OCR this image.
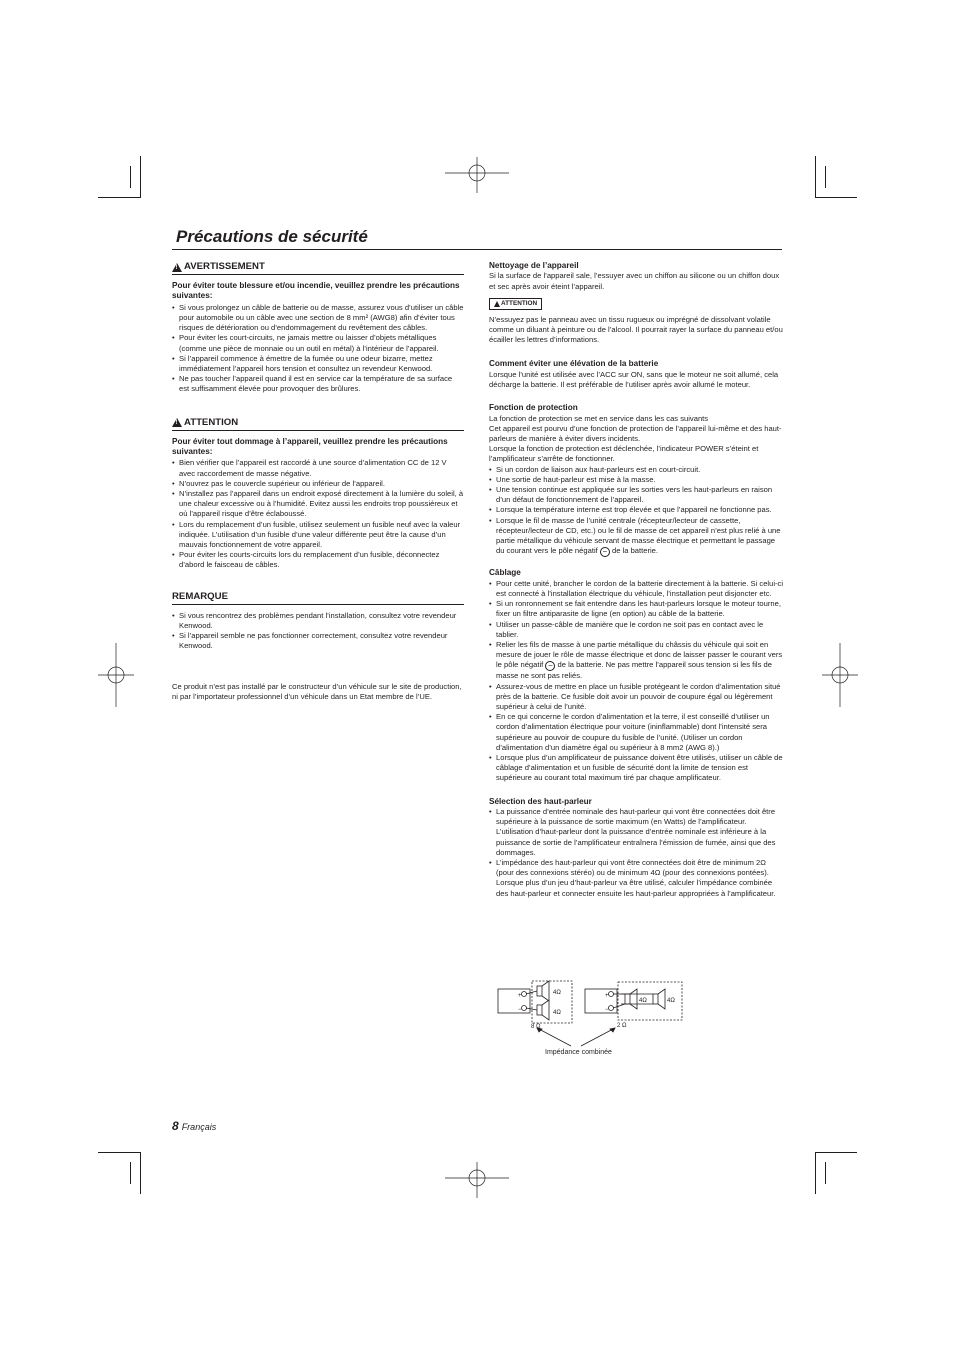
Précautions de sécurité
!
AVERTISSEMENT

Pour éviter toute blessure et/ou incendie, veuillez prendre les précautions suivantes:

• Si vous prolongez un câble de batterie ou de masse, assurez vous d’utiliser un câble pour automobile ou un câble avec une section de 8 mm² (AWG8) afin d’éviter tous risques de détérioration ou d’endommagement du revêtement des câbles.
• Pour éviter les court-circuits, ne jamais mettre ou laisser d’objets métalliques (comme une pièce de monnaie ou un outil en métal) à l’intérieur de l’appareil.
• Si l’appareil commence à émettre de la fumée ou une odeur bizarre, mettez immédiatement l’appareil hors tension et consultez un revendeur Kenwood.
• Ne pas toucher l’appareil quand il est en service car la température de sa surface est suffisamment élevée pour provoquer des brûlures.
!
ATTENTION

Pour éviter tout dommage à l’appareil, veuillez prendre les précautions suivantes:

• Bien vérifier que l’appareil est raccordé à une source d’alimentation CC de 12 V avec raccordement de masse négative.
• N’ouvrez pas le couvercle supérieur ou inférieur de l’appareil.
• N’installez pas l’appareil dans un endroit exposé directement à la lumière du soleil, à une chaleur excessive ou à l’humidité. Evitez aussi les endroits trop poussiéreux et où l’appareil risque d’être éclaboussé.
• Lors du remplacement d’un fusible, utilisez seulement un fusible neuf avec la valeur indiquée. L’utilisation d’un fusible d’une valeur différente peut être la cause d’un mauvais fonctionnement de votre appareil.
• Pour éviter les courts-circuits lors du remplacement d’un fusible, déconnectez d’abord le faisceau de câbles.
REMARQUE
• Si vous rencontrez des problèmes pendant l’installation, consultez votre revendeur Kenwood.
• Si l’appareil semble ne pas fonctionner correctement, consultez votre revendeur Kenwood.

Ce produit n’est pas installé par le constructeur d’un véhicule sur le site de production, ni par l’importateur professionnel d’un véhicule dans un Etat membre de l’UE.

Nettoyage de l’appareil

Si la surface de l’appareil sale, l’essuyer avec un chiffon au silicone ou un chiffon doux et sec après avoir éteint l’appareil.

ATTENTION

N’essuyez pas le panneau avec un tissu rugueux ou imprégné de dissolvant volatile comme un diluant à peinture ou de l’alcool. Il pourrait rayer la surface du panneau et/ou écailler les lettres d’informations.

Comment éviter une élévation de la batterie

Lorsque l’unité est utilisée avec l’ACC sur ON, sans que le moteur ne soit allumé, cela décharge la batterie. Il est préférable de l’utiliser après avoir allumé le moteur.

Fonction de protection

La fonction de protection se met en service dans les cas suivants

Cet appareil est pourvu d’une fonction de protection de l’appareil lui-même et des haut-parleurs de manière à éviter divers incidents.

Lorsque la fonction de protection est déclenchée, l’indicateur POWER s’éteint et l’amplificateur s’arrête de fonctionner.

• Si un cordon de liaison aux haut-parleurs est en court-circuit.
• Une sortie de haut-parleur est mise à la masse.
• Une tension continue est appliquée sur les sorties vers les haut-parleurs en raison d’un défaut de fonctionnement de l’appareil.
• Lorsque la température interne est trop élevée et que l’appareil ne fonctionne pas.
• Lorsque le fil de masse de l’unité centrale (récepteur/lecteur de cassette, récepteur/lecteur de CD, etc.) ou le fil de masse de cet appareil n’est plus relié à une partie métallique du véhicule servant de masse électrique et permettant le passage du courant vers le pôle négatif − de la batterie.

Câblage

• Pour cette unité, brancher le cordon de la batterie directement à la batterie. Si celui-ci est connecté à l’installation électrique du véhicule, l’installation peut disjoncter etc.
• Si un ronronnement se fait entendre dans les haut-parleurs lorsque le moteur tourne, fixer un filtre antiparasite de ligne (en option) au câble de la batterie.
• Utiliser un passe-câble de manière que le cordon ne soit pas en contact avec le tablier.
• Relier les fils de masse à une partie métallique du châssis du véhicule qui soit en mesure de jouer le rôle de masse électrique et donc de laisser passer le courant vers le pôle négatif − de la batterie. Ne pas mettre l’appareil sous tension si les fils de masse ne sont pas reliés.
• Assurez-vous de mettre en place un fusible protégeant le cordon d’alimentation situé près de la batterie. Ce fusible doit avoir un pouvoir de coupure égal ou légèrement supérieur à celui de l’unité.
• En ce qui concerne le cordon d’alimentation et la terre, il est conseillé d’utiliser un cordon d’alimentation électrique pour voiture (ininflammable) dont l’intensité sera supérieure au pouvoir de coupure du fusible de l’unité. (Utiliser un cordon d’alimentation d’un diamètre égal ou supérieur à 8 mm2 (AWG 8).)
• Lorsque plus d’un amplificateur de puissance doivent être utilisés, utiliser un câble de câblage d’alimentation et un fusible de sécurité dont la limite de tension est supérieure au courant total maximum tiré par chaque amplificateur.

Sélection des haut-parleur

• La puissance d’entrée nominale des haut-parleur qui vont être connectées doit être supérieure à la puissance de sortie maximum (en Watts) de l’amplificateur. L’utilisation d’haut-parleur dont la puissance d’entrée nominale est inférieure à la puissance de sortie de l’amplificateur entraînera l’émission de fumée, ainsi que des dommages.
• L’impédance des haut-parleur qui vont être connectées doit être de minimum 2Ω (pour des connexions stéréo) ou de minimum 4Ω (pour des connexions pontées). Lorsque plus d’un jeu d’haut-parleur va être utilisé, calculer l’impédance combinée des haut-parleur et connecter ensuite les haut-parleur appropriées à l’amplificateur.
+
−
+
−
4Ω
4Ω
8 Ω
4Ω	4Ω
2 Ω
Impédance combinée
8 Français
